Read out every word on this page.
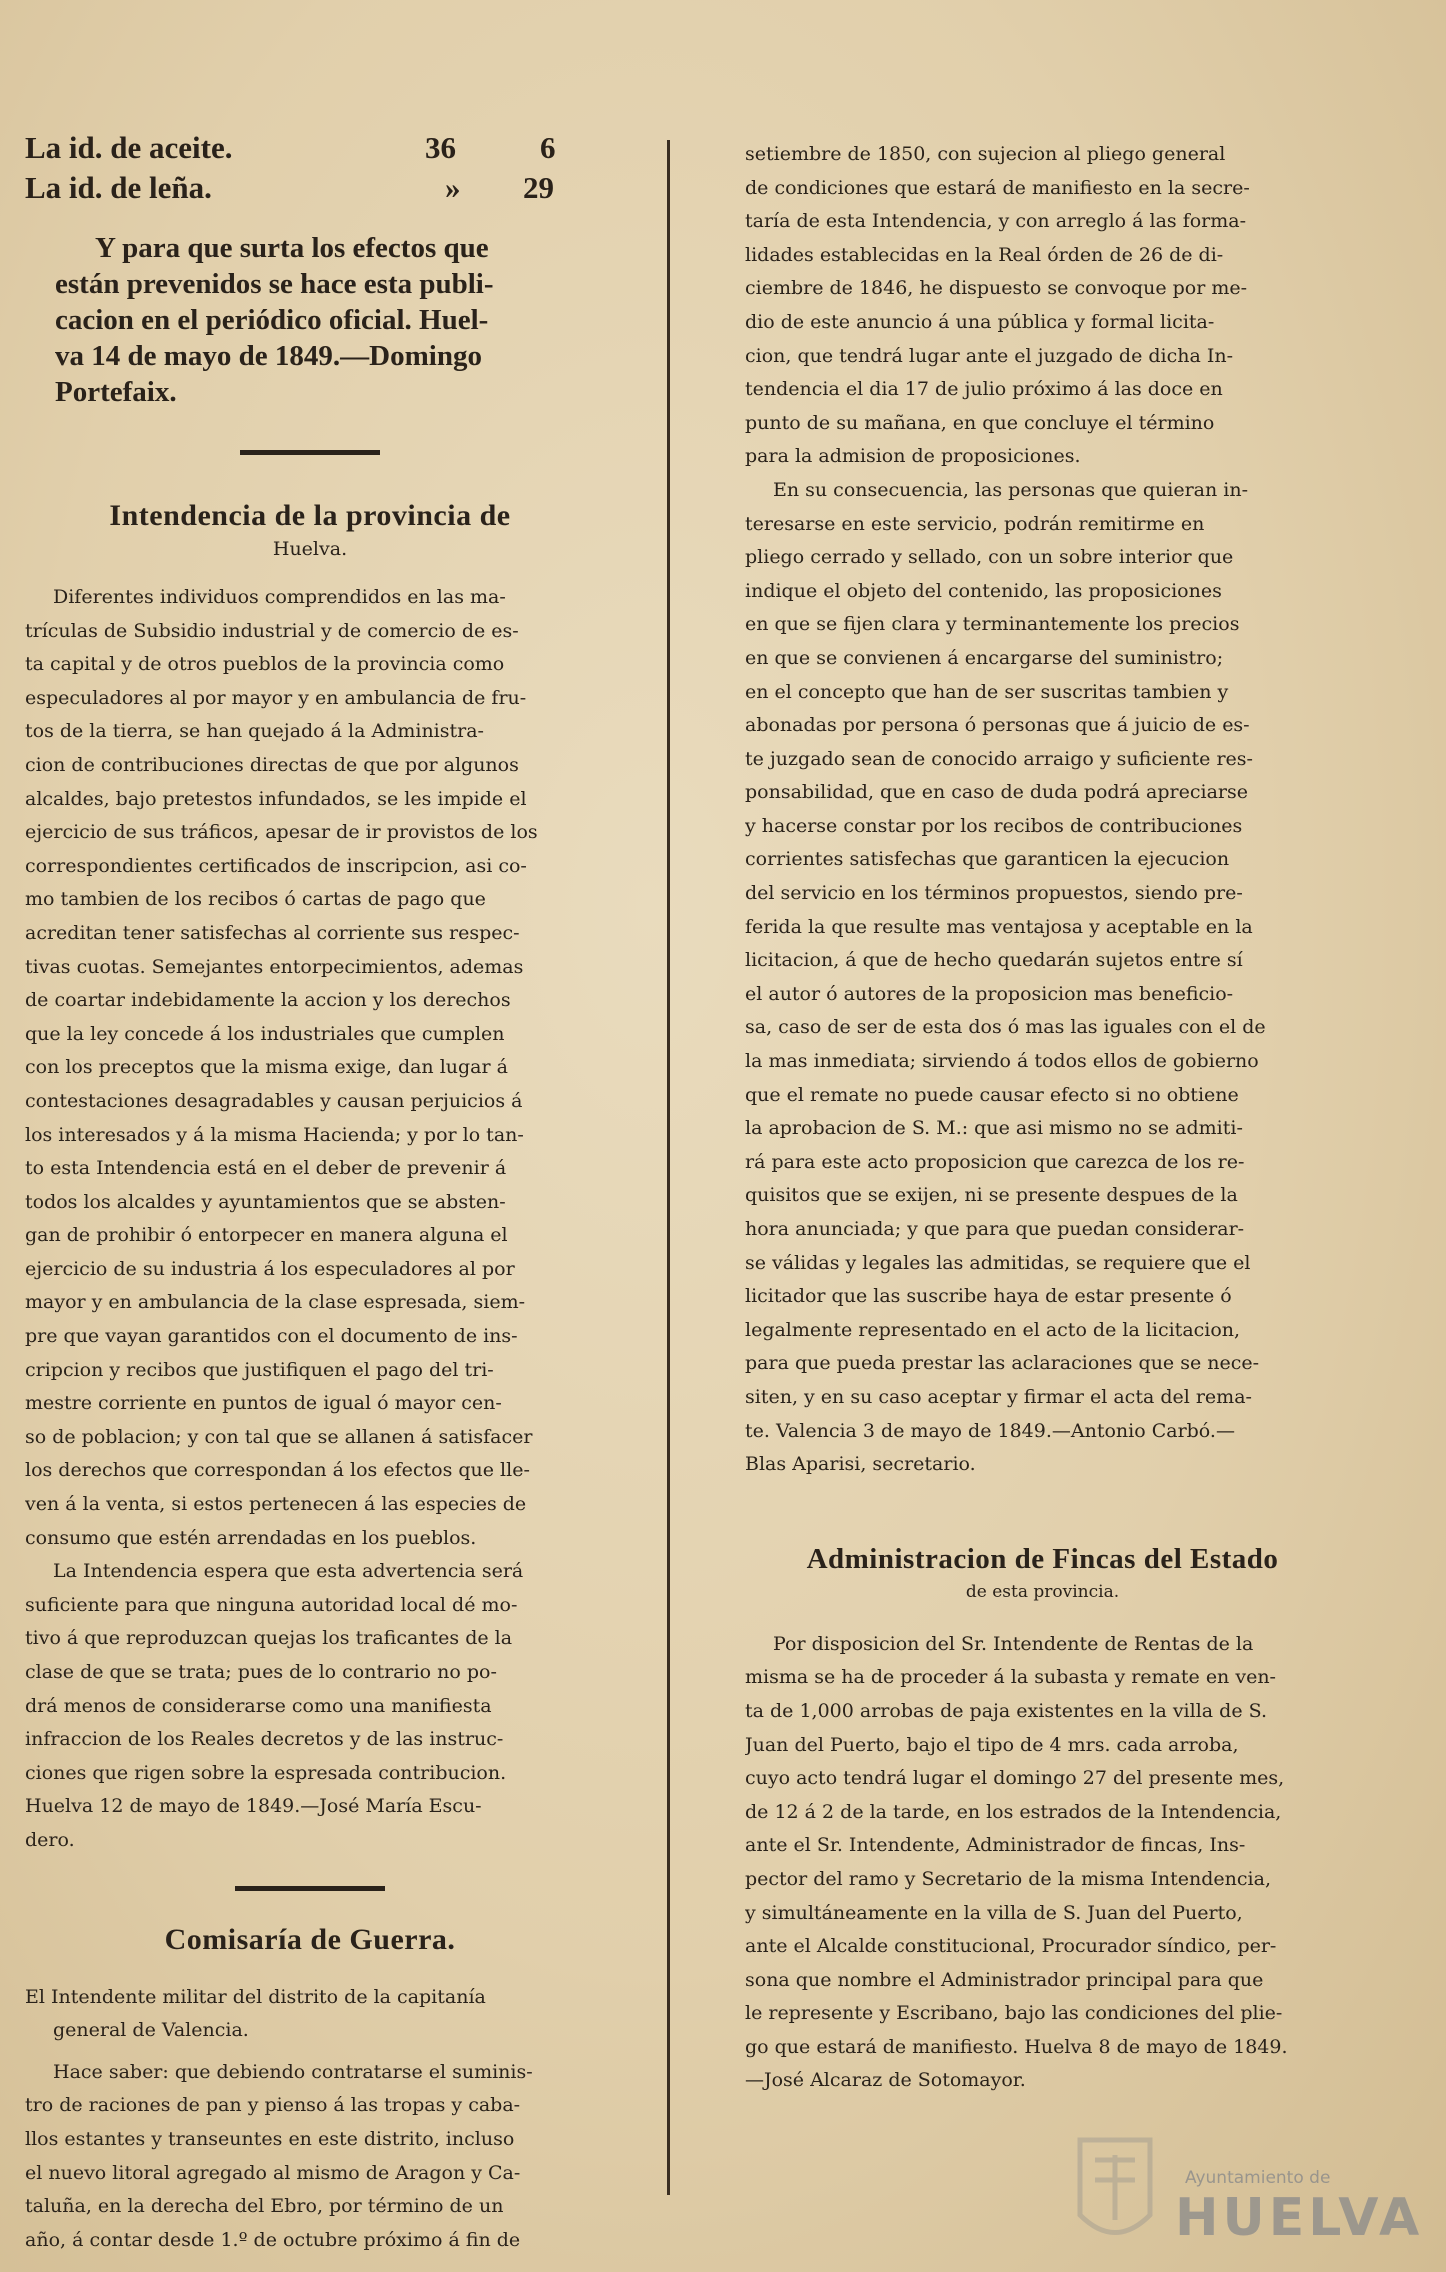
La id. de aceite.	36	6
La id. de leña.	» 29
Y para que surta los efectos que
están prevenidos se hace esta publi-
cacion en el periódico oficial. Huel-
va 14 de mayo de 1849.—Domingo
Portefaix.
Intendencia de la provincia de
Huelva.
Diferentes individuos comprendidos en las ma-
trículas de Subsidio industrial y de comercio de es-
ta capital y de otros pueblos de la provincia como
especuladores al por mayor y en ambulancia de fru-
tos de la tierra, se han quejado á la Administra-
cion de contribuciones directas de que por algunos
alcaldes, bajo pretestos infundados, se les impide el
ejercicio de sus tráficos, apesar de ir provistos de los
correspondientes certificados de inscripcion, asi co-
mo tambien de los recibos ó cartas de pago que
acreditan tener satisfechas al corriente sus respec-
tivas cuotas. Semejantes entorpecimientos, ademas
de coartar indebidamente la accion y los derechos
que la ley concede á los industriales que cumplen
con los preceptos que la misma exige, dan lugar á
contestaciones desagradables y causan perjuicios á
los interesados y á la misma Hacienda; y por lo tan-
to esta Intendencia está en el deber de prevenir á
todos los alcaldes y ayuntamientos que se absten-
gan de prohibir ó entorpecer en manera alguna el
ejercicio de su industria á los especuladores al por
mayor y en ambulancia de la clase espresada, siem-
pre que vayan garantidos con el documento de ins-
cripcion y recibos que justifiquen el pago del tri-
mestre corriente en puntos de igual ó mayor cen-
so de poblacion; y con tal que se allanen á satisfacer
los derechos que correspondan á los efectos que lle-
ven á la venta, si estos pertenecen á las especies de
consumo que estén arrendadas en los pueblos.
La Intendencia espera que esta advertencia será
suficiente para que ninguna autoridad local dé mo-
tivo á que reproduzcan quejas los traficantes de la
clase de que se trata; pues de lo contrario no po-
drá menos de considerarse como una manifiesta
infraccion de los Reales decretos y de las instruc-
ciones que rigen sobre la espresada contribucion.
Huelva 12 de mayo de 1849.—José María Escu-
dero.
Comisaría de Guerra.
El Intendente militar del distrito de la capitanía
general de Valencia.
Hace saber: que debiendo contratarse el suminis-
tro de raciones de pan y pienso á las tropas y caba-
llos estantes y transeuntes en este distrito, incluso
el nuevo litoral agregado al mismo de Aragon y Ca-
taluña, en la derecha del Ebro, por término de un
año, á contar desde 1.º de octubre próximo á fin de
setiembre de 1850, con sujecion al pliego general
de condiciones que estará de manifiesto en la secre-
taría de esta Intendencia, y con arreglo á las forma-
lidades establecidas en la Real órden de 26 de di-
ciembre de 1846, he dispuesto se convoque por me-
dio de este anuncio á una pública y formal licita-
cion, que tendrá lugar ante el juzgado de dicha In-
tendencia el dia 17 de julio próximo á las doce en
punto de su mañana, en que concluye el término
para la admision de proposiciones.
En su consecuencia, las personas que quieran in-
teresarse en este servicio, podrán remitirme en
pliego cerrado y sellado, con un sobre interior que
indique el objeto del contenido, las proposiciones
en que se fijen clara y terminantemente los precios
en que se convienen á encargarse del suministro;
en el concepto que han de ser suscritas tambien y
abonadas por persona ó personas que á juicio de es-
te juzgado sean de conocido arraigo y suficiente res-
ponsabilidad, que en caso de duda podrá apreciarse
y hacerse constar por los recibos de contribuciones
corrientes satisfechas que garanticen la ejecucion
del servicio en los términos propuestos, siendo pre-
ferida la que resulte mas ventajosa y aceptable en la
licitacion, á que de hecho quedarán sujetos entre sí
el autor ó autores de la proposicion mas beneficio-
sa, caso de ser de esta dos ó mas las iguales con el de
la mas inmediata; sirviendo á todos ellos de gobierno
que el remate no puede causar efecto si no obtiene
la aprobacion de S. M.: que asi mismo no se admiti-
rá para este acto proposicion que carezca de los re-
quisitos que se exijen, ni se presente despues de la
hora anunciada; y que para que puedan considerar-
se válidas y legales las admitidas, se requiere que el
licitador que las suscribe haya de estar presente ó
legalmente representado en el acto de la licitacion,
para que pueda prestar las aclaraciones que se nece-
siten, y en su caso aceptar y firmar el acta del rema-
te. Valencia 3 de mayo de 1849.—Antonio Carbó.—
Blas Aparisi, secretario.
Administracion de Fincas del Estado
de esta provincia.
Por disposicion del Sr. Intendente de Rentas de la
misma se ha de proceder á la subasta y remate en ven-
ta de 1,000 arrobas de paja existentes en la villa de S.
Juan del Puerto, bajo el tipo de 4 mrs. cada arroba,
cuyo acto tendrá lugar el domingo 27 del presente mes,
de 12 á 2 de la tarde, en los estrados de la Intendencia,
ante el Sr. Intendente, Administrador de fincas, Ins-
pector del ramo y Secretario de la misma Intendencia,
y simultáneamente en la villa de S. Juan del Puerto,
ante el Alcalde constitucional, Procurador síndico, per-
sona que nombre el Administrador principal para que
le represente y Escribano, bajo las condiciones del plie-
go que estará de manifiesto. Huelva 8 de mayo de 1849.
—José Alcaraz de Sotomayor.
Ayuntamiento de
HUELVA
